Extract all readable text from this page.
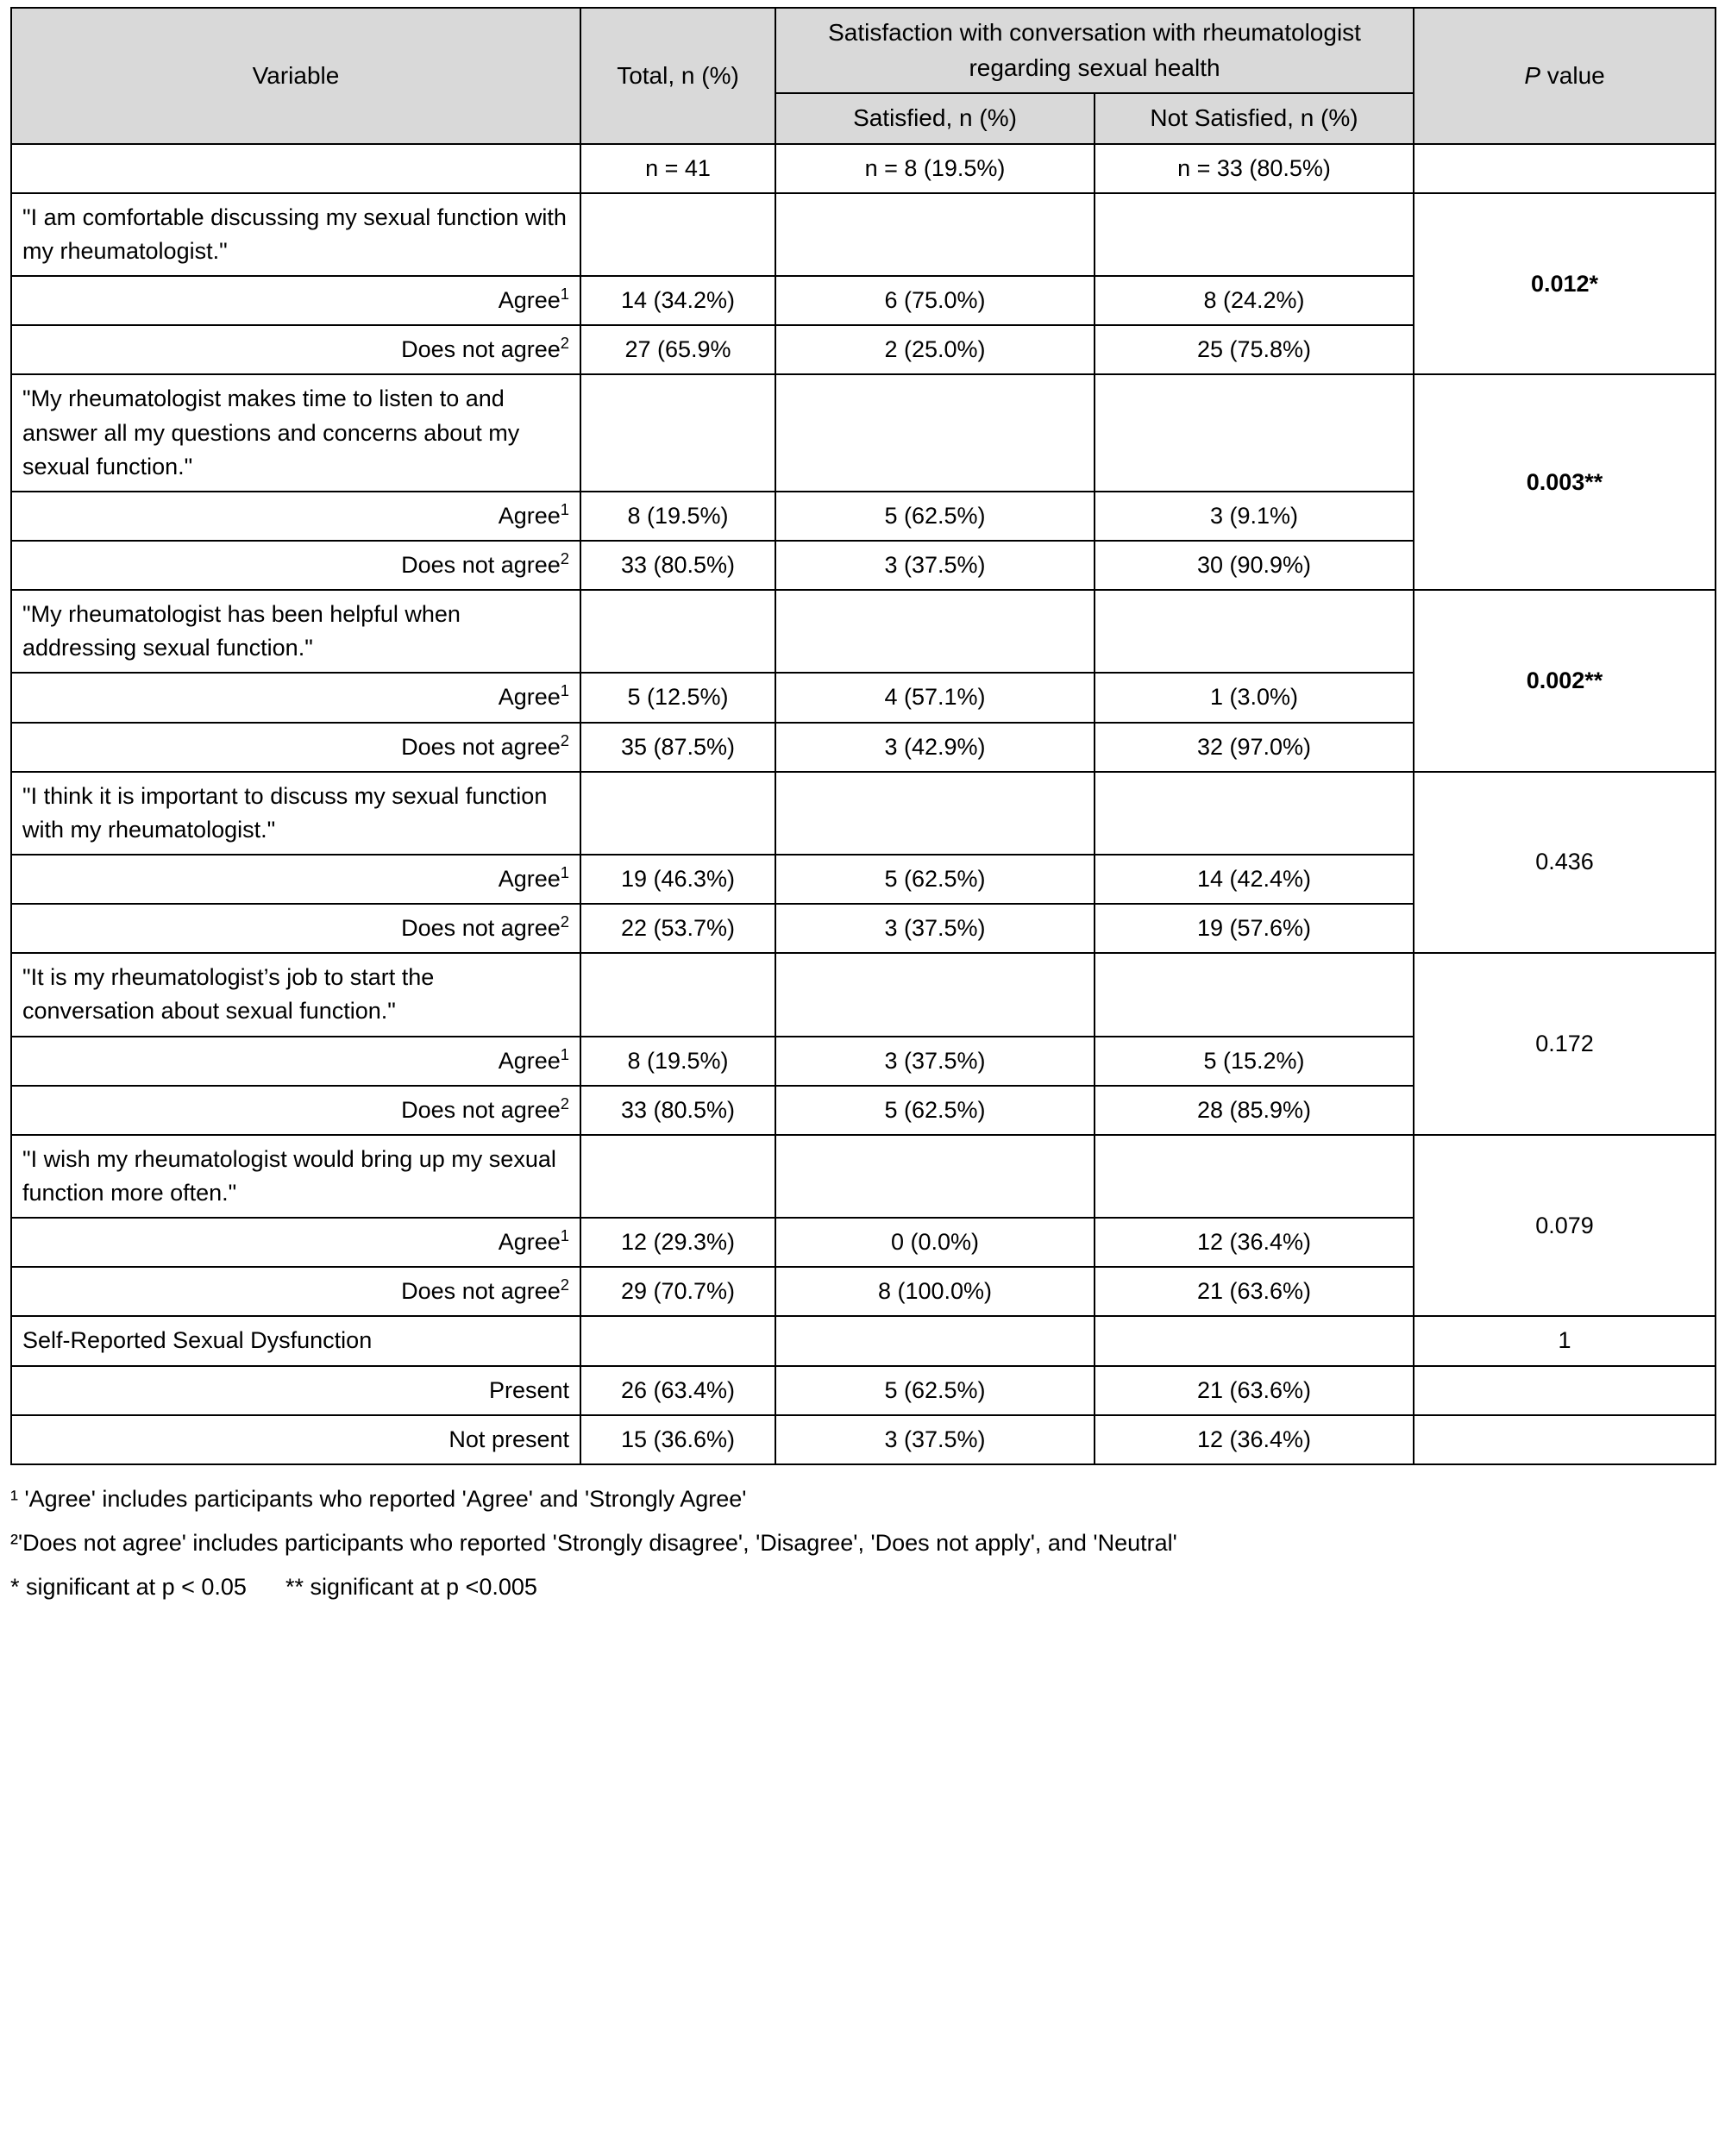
Variable	Total, n (%)	Satisfaction with conversation with rheumatologist regarding sexual health		P value
		Satisfied, n (%)	Not Satisfied, n (%)	
	n = 41	n = 8 (19.5%)	n = 33 (80.5%)	
"I am comfortable discussing my sexual function with my rheumatologist."				0.012*
Agree$^1$	14 (34.2%)	6 (75.0%)	8 (24.2%)	
Does not agree$^2$	27 (65.9%	2 (25.0%)	25 (75.8%)	
"My rheumatologist makes time to listen to and answer all my questions and concerns about my sexual function."				0.003**
Agree$^1$	8 (19.5%)	5 (62.5%)	3 (9.1%)	
Does not agree$^2$	33 (80.5%)	3 (37.5%)	30 (90.9%)	
"My rheumatologist has been helpful when addressing sexual function."				0.002**
Agree$^1$	5 (12.5%)	4 (57.1%)	1 (3.0%)	
Does not agree$^2$	35 (87.5%)	3 (42.9%)	32 (97.0%)	
"I think it is important to discuss my sexual function with my rheumatologist."				0.436
Agree$^1$	19 (46.3%)	5 (62.5%)	14 (42.4%)	
Does not agree$^2$	22 (53.7%)	3 (37.5%)	19 (57.6%)	
"It is my rheumatologist’s job to start the conversation about sexual function."				0.172
Agree$^1$	8 (19.5%)	3 (37.5%)	5 (15.2%)	
Does not agree$^2$	33 (80.5%)	5 (62.5%)	28 (85.9%)	
"I wish my rheumatologist would bring up my sexual function more often."				0.079
Agree$^1$	12 (29.3%)	0 (0.0%)	12 (36.4%)	
Does not agree$^2$	29 (70.7%)	8 (100.0%)	21 (63.6%)	
Self-Reported Sexual Dysfunction				1
Present	26 (63.4%)	5 (62.5%)	21 (63.6%)	
Not present	15 (36.6%)	3 (37.5%)	12 (36.4%)	
¹ 'Agree' includes participants who reported 'Agree' and 'Strongly Agree'
²'Does not agree' includes participants who reported 'Strongly disagree', 'Disagree', 'Does not apply', and 'Neutral'
* significant at p < 0.05      ** significant at p <0.005
